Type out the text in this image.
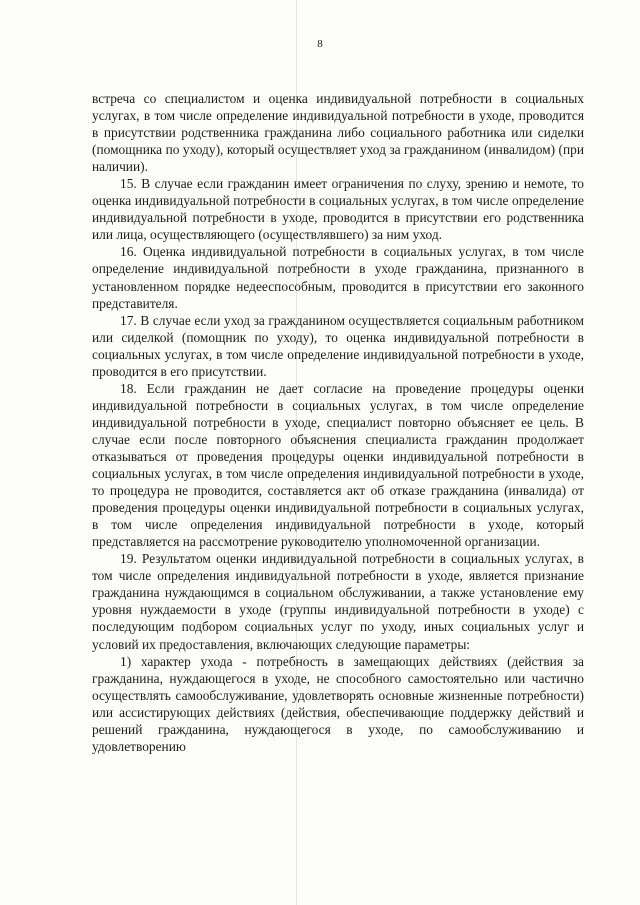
8

встреча со специалистом и оценка индивидуальной потребности в социальных услугах, в том числе определение индивидуальной потребности в уходе, проводится в присутствии родственника гражданина либо социального работника или сиделки (помощника по уходу), который осуществляет уход за гражданином (инвалидом) (при наличии).

15. В случае если гражданин имеет ограничения по слуху, зрению и немоте, то оценка индивидуальной потребности в социальных услугах, в том числе определение индивидуальной потребности в уходе, проводится в присутствии его родственника или лица, осуществляющего (осуществлявшего) за ним уход.

16. Оценка индивидуальной потребности в социальных услугах, в том числе определение индивидуальной потребности в уходе гражданина, признанного в установленном порядке недееспособным, проводится в присутствии его законного представителя.

17. В случае если уход за гражданином осуществляется социальным работником или сиделкой (помощник по уходу), то оценка индивидуальной потребности в социальных услугах, в том числе определение индивидуальной потребности в уходе, проводится в его присутствии.

18. Если гражданин не дает согласие на проведение процедуры оценки индивидуальной потребности в социальных услугах, в том числе определение индивидуальной потребности в уходе, специалист повторно объясняет ее цель. В случае если после повторного объяснения специалиста гражданин продолжает отказываться от проведения процедуры оценки индивидуальной потребности в социальных услугах, в том числе определения индивидуальной потребности в уходе, то процедура не проводится, составляется акт об отказе гражданина (инвалида) от проведения процедуры оценки индивидуальной потребности в социальных услугах, в том числе определения индивидуальной потребности в уходе, который представляется на рассмотрение руководителю уполномоченной организации.

19. Результатом оценки индивидуальной потребности в социальных услугах, в том числе определения индивидуальной потребности в уходе, является признание гражданина нуждающимся в социальном обслуживании, а также установление ему уровня нуждаемости в уходе (группы индивидуальной потребности в уходе) с последующим подбором социальных услуг по уходу, иных социальных услуг и условий их предоставления, включающих следующие параметры:

1) характер ухода - потребность в замещающих действиях (действия за гражданина, нуждающегося в уходе, не способного самостоятельно или частично осуществлять самообслуживание, удовлетворять основные жизненные потребности) или ассистирующих действиях (действия, обеспечивающие поддержку действий и решений гражданина, нуждающегося в уходе, по самообслуживанию и удовлетворению
